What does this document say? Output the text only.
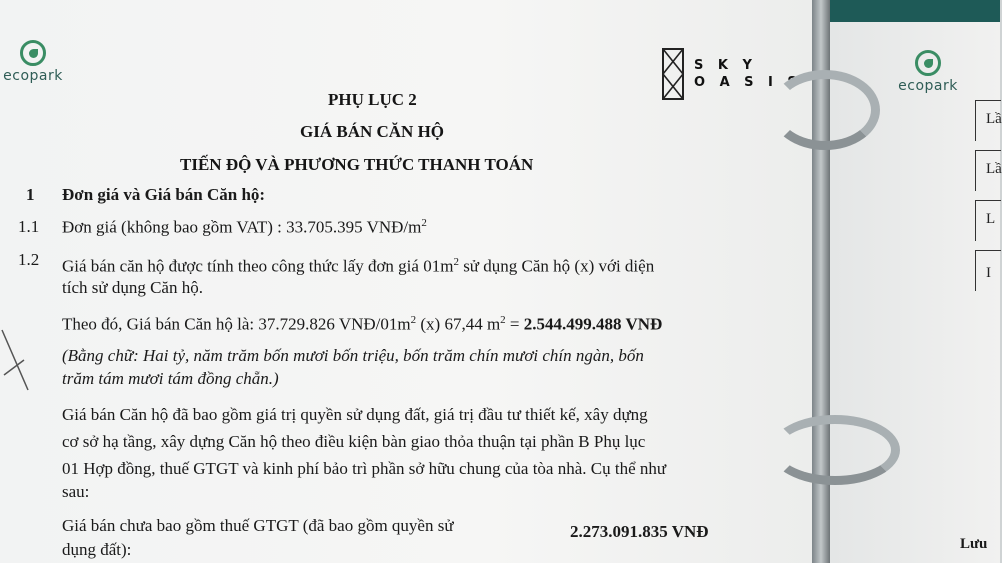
ecopark
S K Y
O A S I S	ecopark
PHỤ LỤC 2
GIÁ BÁN CĂN HỘ
TIẾN ĐỘ VÀ PHƯƠNG THỨC THANH TOÁN
1 Đơn giá và Giá bán Căn hộ:
1.1 Đơn giá (không bao gồm VAT) : 33.705.395 VNĐ/$m^2$
1.2 Giá bán căn hộ được tính theo công thức lấy đơn giá $01m^2$ sử dụng Căn hộ (x) với diện
tích sử dụng Căn hộ.
Theo đó, Giá bán Căn hộ là: 37.729.826 VNĐ/$01m^2$ (x) 67,44 $m^2 = 2.544.499.488$ VNĐ
(Bằng chữ: Hai tỷ, năm trăm bốn mươi bốn triệu, bốn trăm chín mươi chín ngàn, bốn
trăm tám mươi tám đồng chẵn.)
Giá bán Căn hộ đã bao gồm giá trị quyền sử dụng đất, giá trị đầu tư thiết kế, xây dựng
cơ sở hạ tầng, xây dựng Căn hộ theo điều kiện bàn giao thỏa thuận tại phần B Phụ lục
01 Hợp đồng, thuế GTGT và kinh phí bảo trì phần sở hữu chung của tòa nhà. Cụ thể như
sau:
Giá bán chưa bao gồm thuế GTGT (đã bao gồm quyền sử
dụng đất):
2.273.091.835 VNĐ
Lầ
Lầ
L
I
Lưu
